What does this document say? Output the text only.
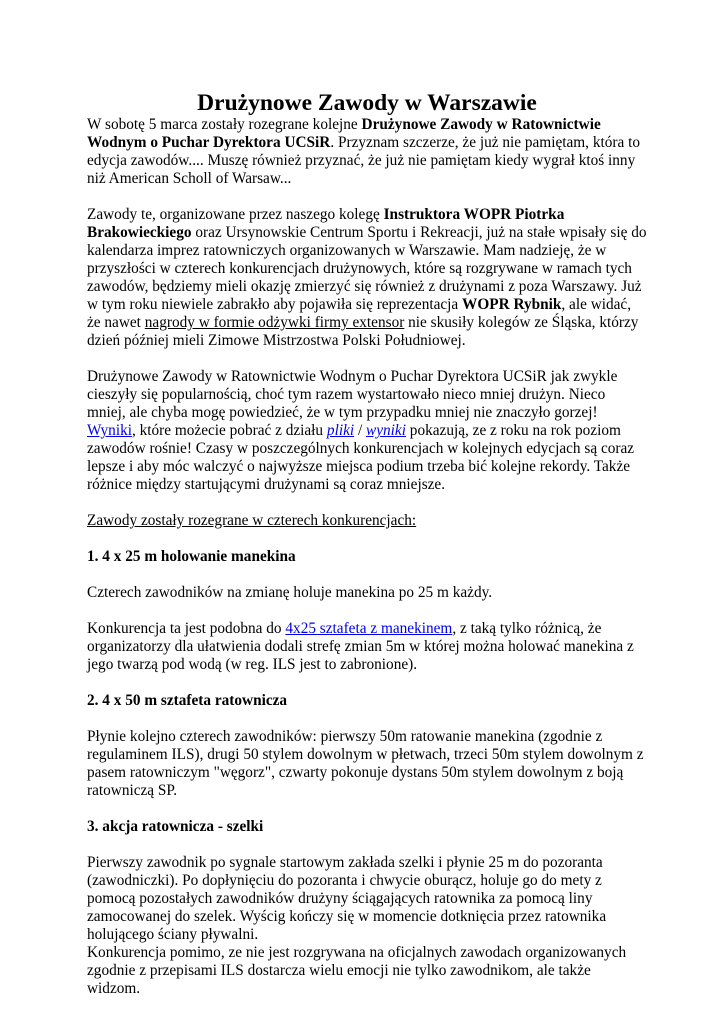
Drużynowe Zawody w Warszawie

W sobotę 5 marca zostały rozegrane kolejne Drużynowe Zawody w Ratownictwie Wodnym o Puchar Dyrektora UCSiR. Przyznam szczerze, że już nie pamiętam, która to edycja zawodów.... Muszę również przyznać, że już nie pamiętam kiedy wygrał ktoś inny niż American Scholl of Warsaw...

Zawody te, organizowane przez naszego kolegę Instruktora WOPR Piotrka Brakowieckiego oraz Ursynowskie Centrum Sportu i Rekreacji, już na stałe wpisały się do kalendarza imprez ratowniczych organizowanych w Warszawie. Mam nadzieję, że w przyszłości w czterech konkurencjach drużynowych, które są rozgrywane w ramach tych zawodów, będziemy mieli okazję zmierzyć się również z drużynami z poza Warszawy. Już w tym roku niewiele zabrakło aby pojawiła się reprezentacja WOPR Rybnik, ale widać, że nawet nagrody w formie odżywki firmy extensor nie skusiły kolegów ze Śląska, którzy dzień później mieli Zimowe Mistrzostwa Polski Południowej.

Drużynowe Zawody w Ratownictwie Wodnym o Puchar Dyrektora UCSiR jak zwykle cieszyły się popularnością, choć tym razem wystartowało nieco mniej drużyn. Nieco mniej, ale chyba mogę powiedzieć, że w tym przypadku mniej nie znaczyło gorzej! Wyniki, które możecie pobrać z działu pliki / wyniki pokazują, ze z roku na rok poziom zawodów rośnie! Czasy w poszczególnych konkurencjach w kolejnych edycjach są coraz lepsze i aby móc walczyć o najwyższe miejsca podium trzeba bić kolejne rekordy. Także różnice między startującymi drużynami są coraz mniejsze.

Zawody zostały rozegrane w czterech konkurencjach:

1. 4 x 25 m holowanie manekina

Czterech zawodników na zmianę holuje manekina po 25 m każdy.

Konkurencja ta jest podobna do 4x25 sztafeta z manekinem, z taką tylko różnicą, że organizatorzy dla ułatwienia dodali strefę zmian 5m w której można holować manekina z jego twarzą pod wodą (w reg. ILS jest to zabronione).

2. 4 x 50 m sztafeta ratownicza

Płynie kolejno czterech zawodników: pierwszy 50m ratowanie manekina (zgodnie z regulaminem ILS), drugi 50 stylem dowolnym w płetwach, trzeci 50m stylem dowolnym z pasem ratowniczym "węgorz", czwarty pokonuje dystans 50m stylem dowolnym z boją ratowniczą SP.

3. akcja ratownicza - szelki

Pierwszy zawodnik po sygnale startowym zakłada szelki i płynie 25 m do pozoranta (zawodniczki). Po dopłynięciu do pozoranta i chwycie oburącz, holuje go do mety z pomocą pozostałych zawodników drużyny ściągających ratownika za pomocą liny zamocowanej do szelek. Wyścig kończy się w momencie dotknięcia przez ratownika holującego ściany pływalni.

Konkurencja pomimo, ze nie jest rozgrywana na oficjalnych zawodach organizowanych zgodnie z przepisami ILS dostarcza wielu emocji nie tylko zawodnikom, ale także widzom.
